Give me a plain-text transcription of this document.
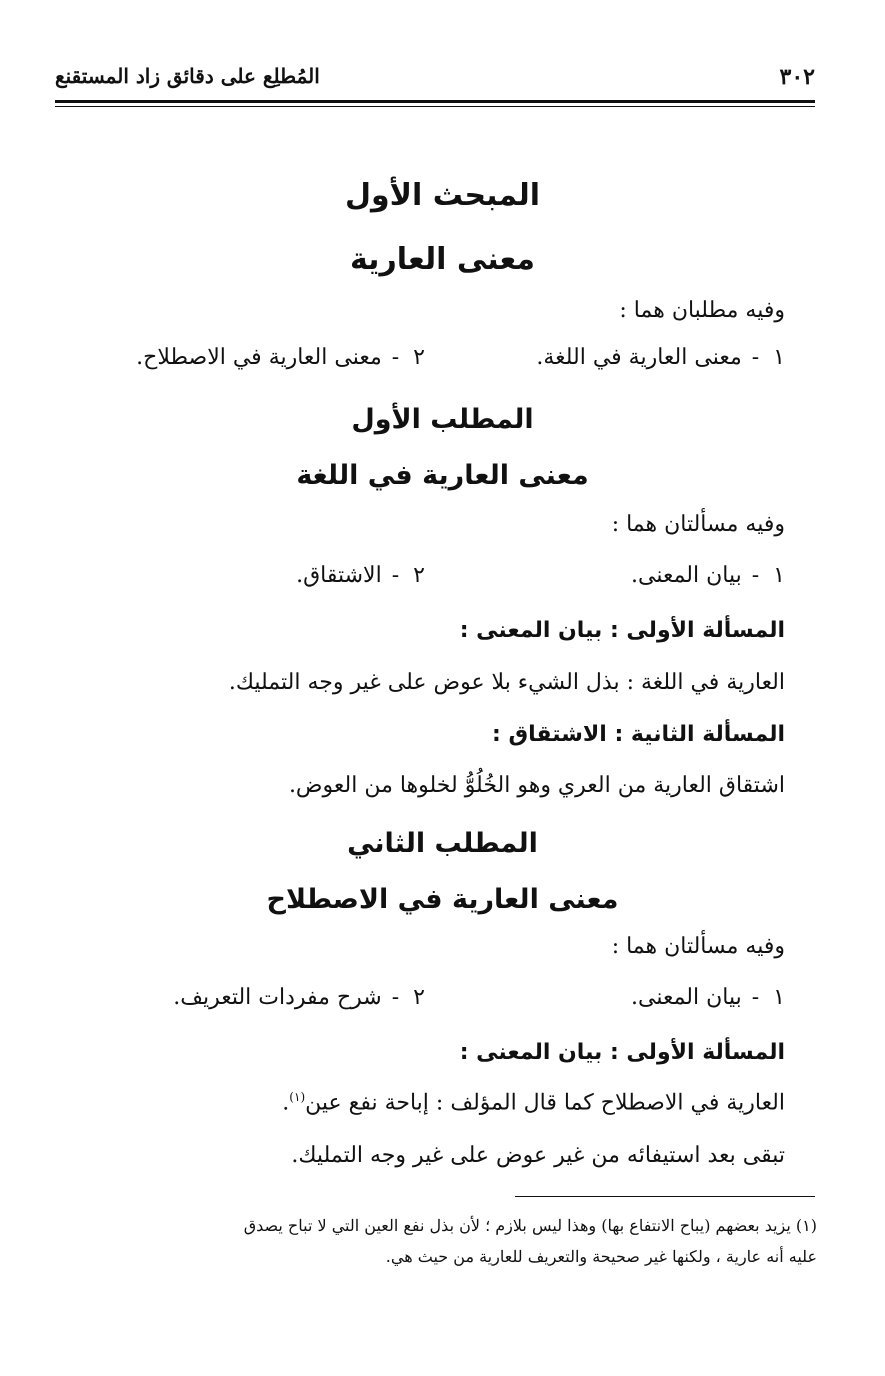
٣٠٢
المُطلِع على دقائق زاد المستقنع
المبحث الأول
معنى العارية
وفيه مطلبان هما :
١-معنى العارية في اللغة.
٢-معنى العارية في الاصطلاح.
المطلب الأول
معنى العارية في اللغة
وفيه مسألتان هما :
١-بيان المعنى.
٢-الاشتقاق.
المسألة الأولى : بيان المعنى :
العارية في اللغة : بذل الشيء بلا عوض على غير وجه التمليك.
المسألة الثانية : الاشتقاق :
اشتقاق العارية من العري وهو الخُلُوُّ لخلوها من العوض.
المطلب الثاني
معنى العارية في الاصطلاح
وفيه مسألتان هما :
١-بيان المعنى.
٢-شرح مفردات التعريف.
المسألة الأولى : بيان المعنى :
العارية في الاصطلاح كما قال المؤلف : إباحة نفع عين$^{(١)}$.
تبقى بعد استيفائه من غير عوض على غير وجه التمليك.
(١) يزيد بعضهم (يباح الانتفاع بها) وهذا ليس بلازم ؛ لأن بذل نفع العين التي لا تباح يصدق
عليه أنه عارية ، ولكنها غير صحيحة والتعريف للعارية من حيث هي.
